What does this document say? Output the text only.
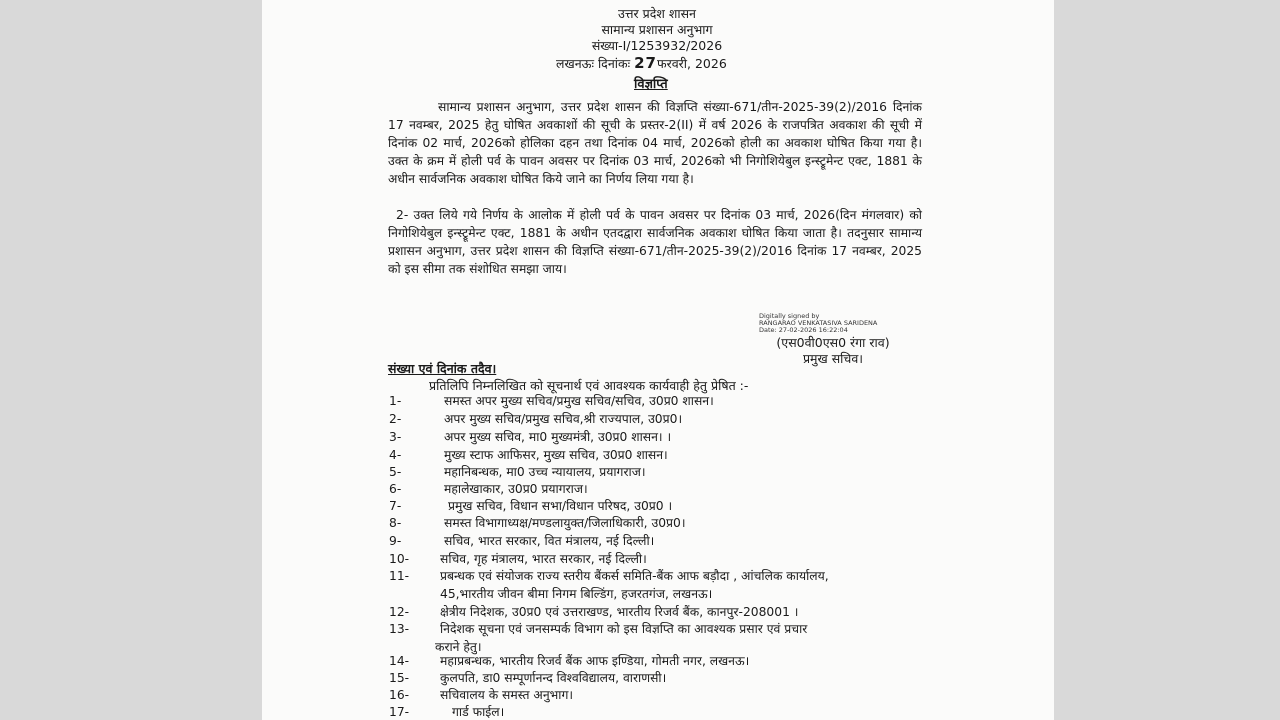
उत्तर प्रदेश शासन
सामान्य प्रशासन अनुभाग
संख्या-I/1253932/2026
लखनऊः दिनांकः 27फरवरी, 2026
विज्ञप्ति
सामान्य प्रशासन अनुभाग, उत्तर प्रदेश शासन की विज्ञप्ति संख्या-671/तीन-2025-39(2)/2016 दिनांक 17 नवम्बर, 2025 हेतु घोषित अवकाशों की सूची के प्रस्तर-2(II) में वर्ष 2026 के राजपत्रित अवकाश की सूची में दिनांक 02 मार्च, 2026को होलिका दहन तथा दिनांक 04 मार्च, 2026को होली का अवकाश घोषित किया गया है। उक्त के क्रम में होली पर्व के पावन अवसर पर दिनांक 03 मार्च, 2026को भी निगोशियेबुल इन्स्ट्रूमेन्ट एक्ट, 1881 के अधीन सार्वजनिक अवकाश घोषित किये जाने का निर्णय लिया गया है।
2- उक्त लिये गये निर्णय के आलोक में होली पर्व के पावन अवसर पर दिनांक 03 मार्च, 2026(दिन मंगलवार) को निगोशियेबुल इन्स्ट्रूमेन्ट एक्ट, 1881 के अधीन एतदद्वारा सार्वजनिक अवकाश घोषित किया जाता है। तदनुसार सामान्य प्रशासन अनुभाग, उत्तर प्रदेश शासन की विज्ञप्ति संख्या-671/तीन-2025-39(2)/2016 दिनांक 17 नवम्बर, 2025 को इस सीमा तक संशोधित समझा जाय।
Digitally signed by
RANGARAO VENKATASIVA SARIDENA
Date: 27-02-2026 16:22:04
(एस0वी0एस0 रंगा राव)
प्रमुख सचिव।
संख्या एवं दिनांक तदैव।
प्रतिलिपि निम्नलिखित को सूचनार्थ एवं आवश्यक कार्यवाही हेतु प्रेषित :-
1-	समस्त अपर मुख्य सचिव/प्रमुख सचिव/सचिव, उ0प्र0 शासन।
2-	अपर मुख्य सचिव/प्रमुख सचिव,श्री राज्यपाल, उ0प्र0।
3-	अपर मुख्य सचिव, मा0 मुख्यमंत्री, उ0प्र0 शासन। ।
4-	मुख्य स्टाफ आफिसर, मुख्य सचिव, उ0प्र0 शासन।
5-	महानिबन्धक, मा0 उच्च न्यायालय, प्रयागराज।
6-	महालेखाकार, उ0प्र0 प्रयागराज।
7-	प्रमुख सचिव, विधान सभा/विधान परिषद, उ0प्र0 ।
8-	समस्त विभागाध्यक्ष/मण्डलायुक्त/जिलाधिकारी, उ0प्र0।
9-	सचिव, भारत सरकार, वित मंत्रालय, नई दिल्ली।
10-	सचिव, गृह मंत्रालय, भारत सरकार, नई दिल्ली।
11-	प्रबन्धक एवं संयोजक राज्य स्तरीय बैंकर्स समिति-बैंक आफ बड़ौदा , आंचलिक कार्यालय,
45,भारतीय जीवन बीमा निगम बिल्डिंग, हजरतगंज, लखनऊ।
12-	क्षेत्रीय निदेशक, उ0प्र0 एवं उत्तराखण्ड, भारतीय रिजर्व बैंक, कानपुर-208001 ।
13-	निदेशक सूचना एवं जनसम्पर्क विभाग को इस विज्ञप्ति का आवश्यक प्रसार एवं प्रचार
कराने हेतु।
14-	महाप्रबन्धक, भारतीय रिजर्व बैंक आफ इण्डिया, गोमती नगर, लखनऊ।
15-	कुलपति, डा0 सम्पूर्णानन्द विश्वविद्यालय, वाराणसी।
16-	सचिवालय के समस्त अनुभाग।
17-	गार्ड फाईल।
